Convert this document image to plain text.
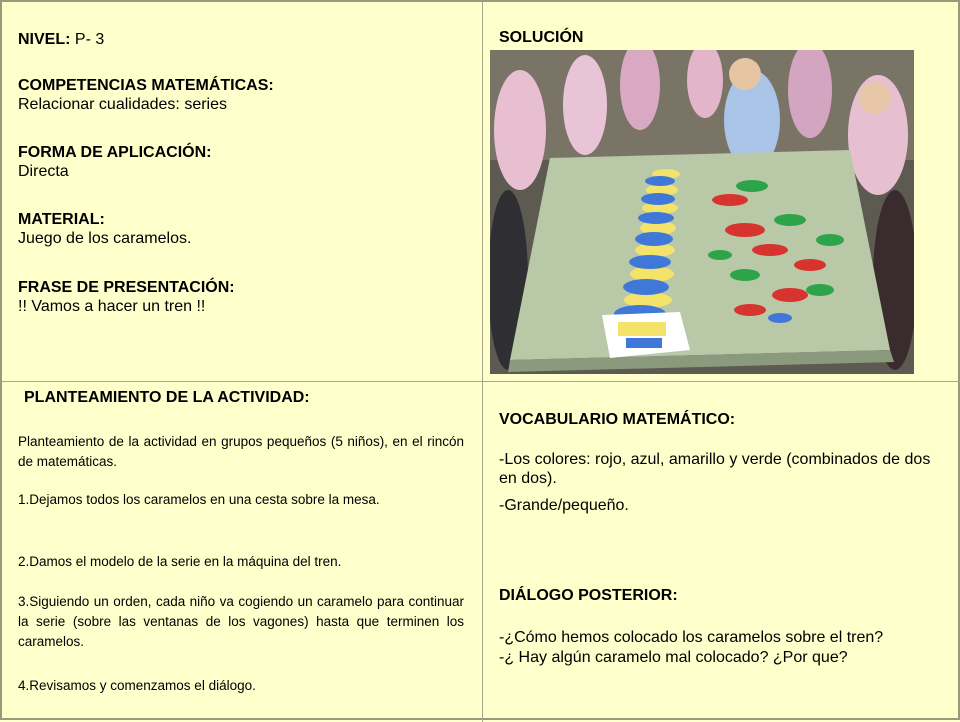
NIVEL: P- 3
COMPETENCIAS MATEMÁTICAS:
Relacionar cualidades: series
FORMA DE APLICACIÓN:
Directa
MATERIAL:
Juego de los caramelos.
FRASE DE PRESENTACIÓN:
!! Vamos a hacer un tren !!
SOLUCIÓN
PLANTEAMIENTO DE LA ACTIVIDAD:
Planteamiento de la actividad en grupos pequeños (5 niños), en el rincón de matemáticas.
1.Dejamos todos los caramelos en una cesta sobre la mesa.
2.Damos el modelo de la serie en la máquina del tren.
3.Siguiendo un orden, cada niño va cogiendo un caramelo para continuar la serie (sobre las ventanas de los vagones) hasta que terminen los caramelos.
4.Revisamos y comenzamos el diálogo.
VOCABULARIO MATEMÁTICO:
-Los colores: rojo, azul, amarillo y verde (combinados de dos en dos).
-Grande/pequeño.
DIÁLOGO POSTERIOR:
-¿Cómo hemos colocado los caramelos sobre el tren?
-¿ Hay algún caramelo mal colocado? ¿Por que?
